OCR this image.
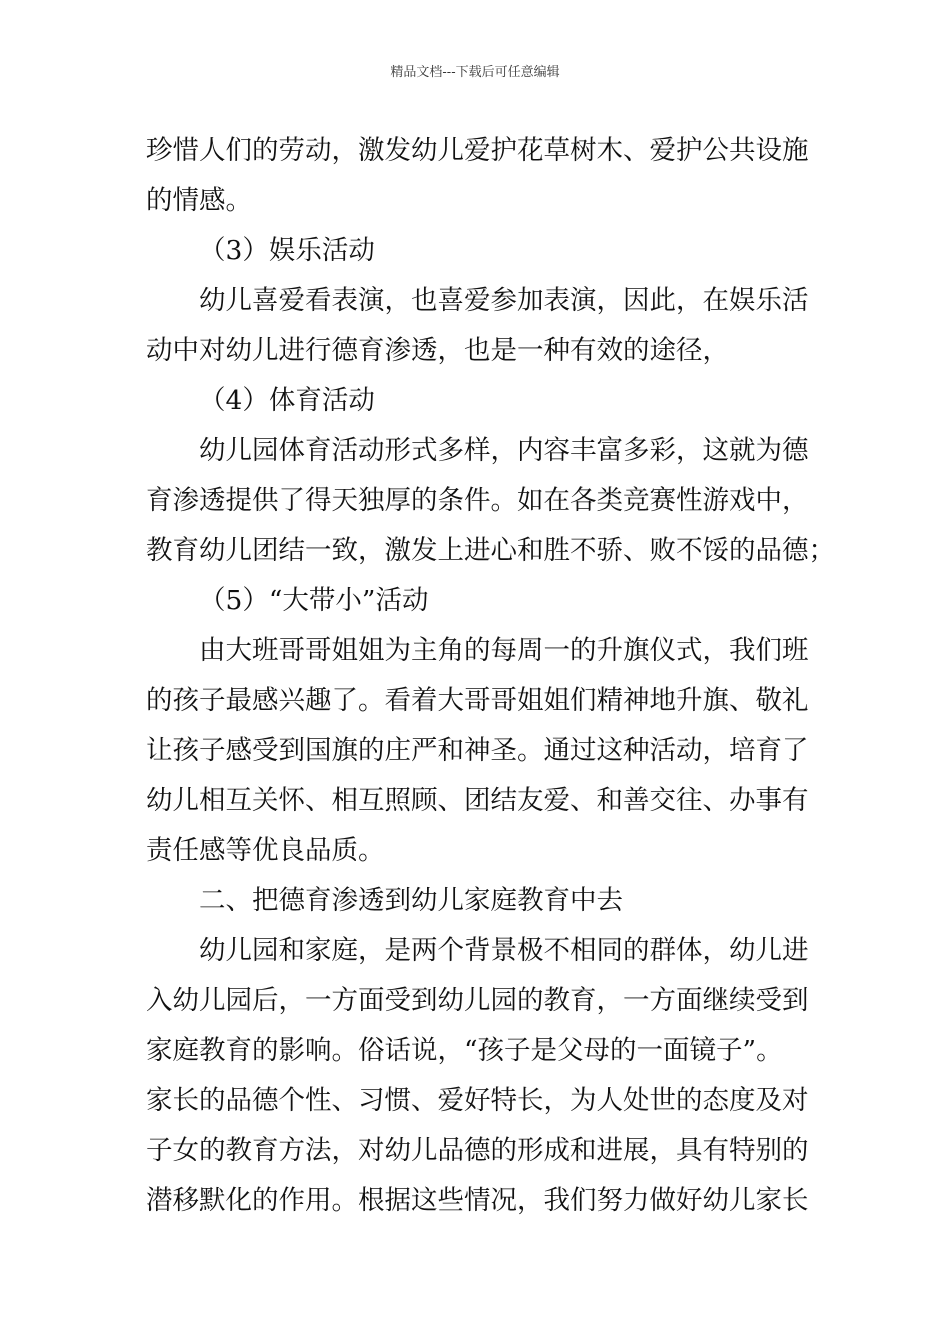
精品文档---下载后可任意编辑
珍惜人们的劳动，激发幼儿爱护花草树木、爱护公共设施
的情感。
（3）娱乐活动
幼儿喜爱看表演，也喜爱参加表演，因此，在娱乐活
动中对幼儿进行德育渗透，也是一种有效的途径，
（4）体育活动
幼儿园体育活动形式多样，内容丰富多彩，这就为德
育渗透提供了得天独厚的条件。如在各类竞赛性游戏中，
教育幼儿团结一致，激发上进心和胜不骄、败不馁的品德；
（5）“大带小”活动
由大班哥哥姐姐为主角的每周一的升旗仪式，我们班
的孩子最感兴趣了。看着大哥哥姐姐们精神地升旗、敬礼
让孩子感受到国旗的庄严和神圣。通过这种活动，培育了
幼儿相互关怀、相互照顾、团结友爱、和善交往、办事有
责任感等优良品质。
二、把德育渗透到幼儿家庭教育中去
幼儿园和家庭，是两个背景极不相同的群体，幼儿进
入幼儿园后，一方面受到幼儿园的教育，一方面继续受到
家庭教育的影响。俗话说，“孩子是父母的一面镜子”。
家长的品德个性、习惯、爱好特长，为人处世的态度及对
子女的教育方法，对幼儿品德的形成和进展，具有特别的
潜移默化的作用。根据这些情况，我们努力做好幼儿家长
